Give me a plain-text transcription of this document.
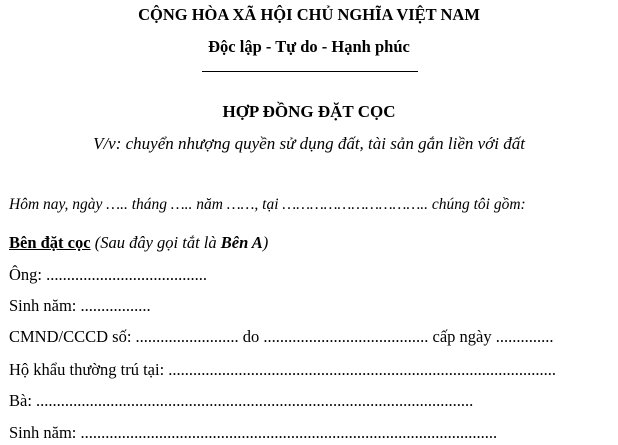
CỘNG HÒA XÃ HỘI CHỦ NGHĨA VIỆT NAM
Độc lập - Tự do - Hạnh phúc
HỢP ĐỒNG ĐẶT CỌC
V/v: chuyển nhượng quyền sử dụng đất, tài sản gắn liền với đất
Hôm nay, ngày ….. tháng ….. năm ……, tại ………………………….. chúng tôi gồm:
Bên đặt cọc (Sau đây gọi tắt là Bên A)
Ông: .......................................
Sinh năm: .................
CMND/CCCD số: ......................... do ........................................ cấp ngày ..............
Hộ khẩu thường trú tại: ..............................................................................................
Bà: ..........................................................................................................
Sinh năm: .....................................................................................................
